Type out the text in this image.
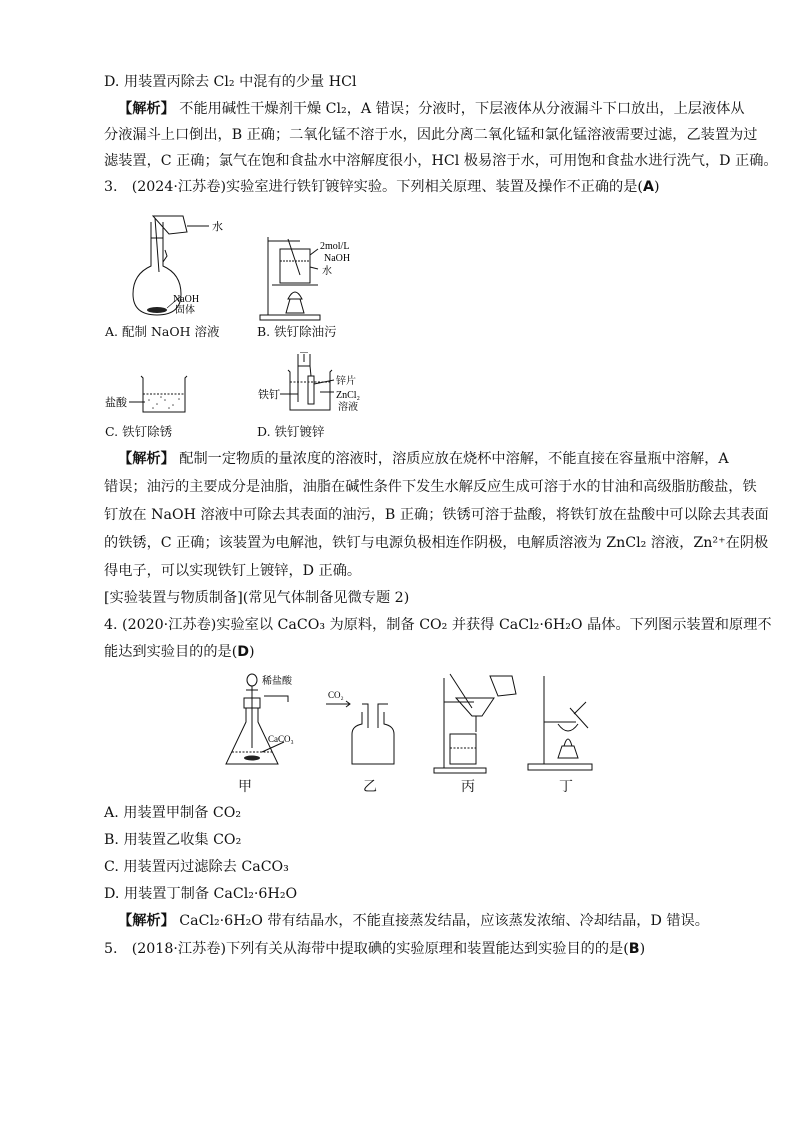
D. 用装置丙除去 Cl₂ 中混有的少量 HCl
【解析】 不能用碱性干燥剂干燥 Cl₂，A 错误；分液时，下层液体从分液漏斗下口放出，上层液体从
分液漏斗上口倒出，B 正确；二氧化锰不溶于水，因此分离二氧化锰和氯化锰溶液需要过滤，乙装置为过
滤装置，C 正确；氯气在饱和食盐水中溶解度很小，HCl 极易溶于水，可用饱和食盐水进行洗气，D 正确。
3.　(2024·江苏卷)实验室进行铁钉镀锌实验。下列相关原理、装置及操作不正确的是(A)
水
NaOH
固体
A. 配制 NaOH 溶液
2mol/L
NaOH
水
B. 铁钉除油污
盐酸
C. 铁钉除锈
铁钉
锌片
ZnCl₂
溶液
D. 铁钉镀锌
【解析】 配制一定物质的量浓度的溶液时，溶质应放在烧杯中溶解，不能直接在容量瓶中溶解，A
错误；油污的主要成分是油脂，油脂在碱性条件下发生水解反应生成可溶于水的甘油和高级脂肪酸盐，铁
钉放在 NaOH 溶液中可除去其表面的油污，B 正确；铁锈可溶于盐酸，将铁钉放在盐酸中可以除去其表面
的铁锈，C 正确；该装置为电解池，铁钉与电源负极相连作阴极，电解质溶液为 ZnCl₂ 溶液，Zn²⁺在阴极
得电子，可以实现铁钉上镀锌，D 正确。
[实验装置与物质制备](常见气体制备见微专题 2)
4. (2020·江苏卷)实验室以 CaCO₃ 为原料，制备 CO₂ 并获得 CaCl₂·6H₂O 晶体。下列图示装置和原理不
能达到实验目的的是(D)
稀盐酸
CaCO₃
CO₂
甲	乙	丙	丁
A. 用装置甲制备 CO₂
B. 用装置乙收集 CO₂
C. 用装置丙过滤除去 CaCO₃
D. 用装置丁制备 CaCl₂·6H₂O
【解析】 CaCl₂·6H₂O 带有结晶水，不能直接蒸发结晶，应该蒸发浓缩、冷却结晶，D 错误。
5.　(2018·江苏卷)下列有关从海带中提取碘的实验原理和装置能达到实验目的的是(B)
